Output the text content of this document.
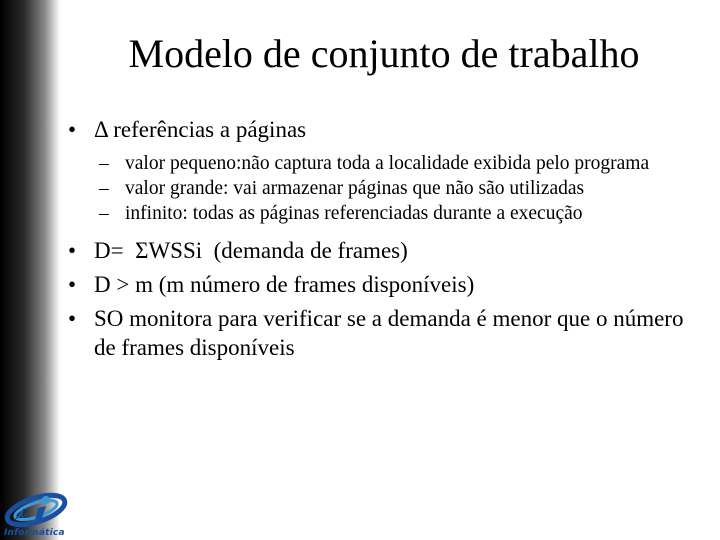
Modelo de conjunto de trabalho
• Δ referências a páginas
– valor pequeno:não captura toda a localidade exibida pelo programa
– valor grande: vai armazenar páginas que não são utilizadas
– infinito: todas as páginas referenciadas durante a execução
• D=  ΣWSSi  (demanda de frames)
• D > m (m número de frames disponíveis)
• SO monitora para verificar se a demanda é menor que o número de frames disponíveis
Informática
